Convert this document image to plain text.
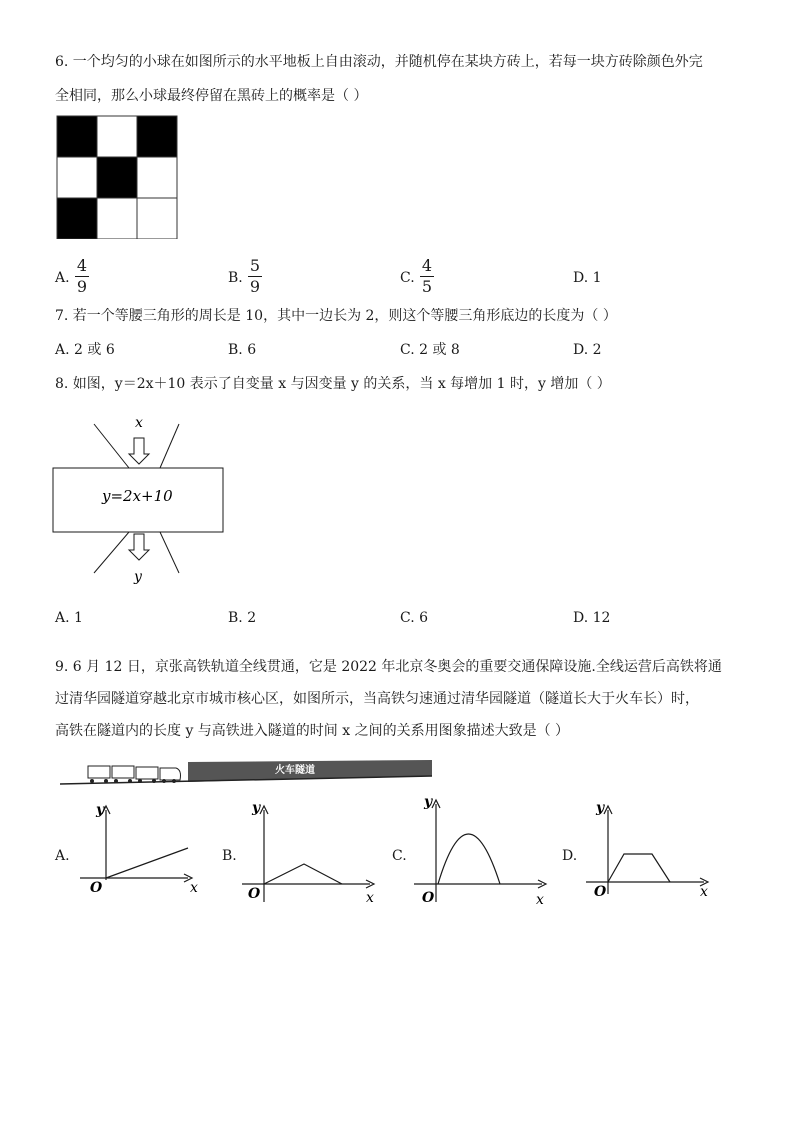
6. 一个均匀的小球在如图所示的水平地板上自由滚动，并随机停在某块方砖上，若每一块方砖除颜色外完
全相同，那么小球最终停留在黑砖上的概率是（ ）
A.
4
9	B.
5
9	C.
4
5	D. 1
7. 若一个等腰三角形的周长是 10，其中一边长为 2，则这个等腰三角形底边的长度为（ ）
A. 2 或 6	B. 6	C. 2 或 8	D. 2
8. 如图，y＝2x＋10 表示了自变量 x 与因变量 y 的关系，当 x 每增加 1 时，y 增加（ ）
x
y=2x+10
y
A. 1	B. 2	C. 6	D. 12
9. 6 月 12 日，京张高铁轨道全线贯通，它是 2022 年北京冬奥会的重要交通保障设施.全线运营后高铁将通
过清华园隧道穿越北京市城市核心区，如图所示，当高铁匀速通过清华园隧道（隧道长大于火车长）时，
高铁在隧道内的长度 y 与高铁进入隧道的时间 x 之间的关系用图象描述大致是（ ）
火车隧道
A.
y
x
O
B.
y
x
O
C.
y
x
O
D.
y
x
O
